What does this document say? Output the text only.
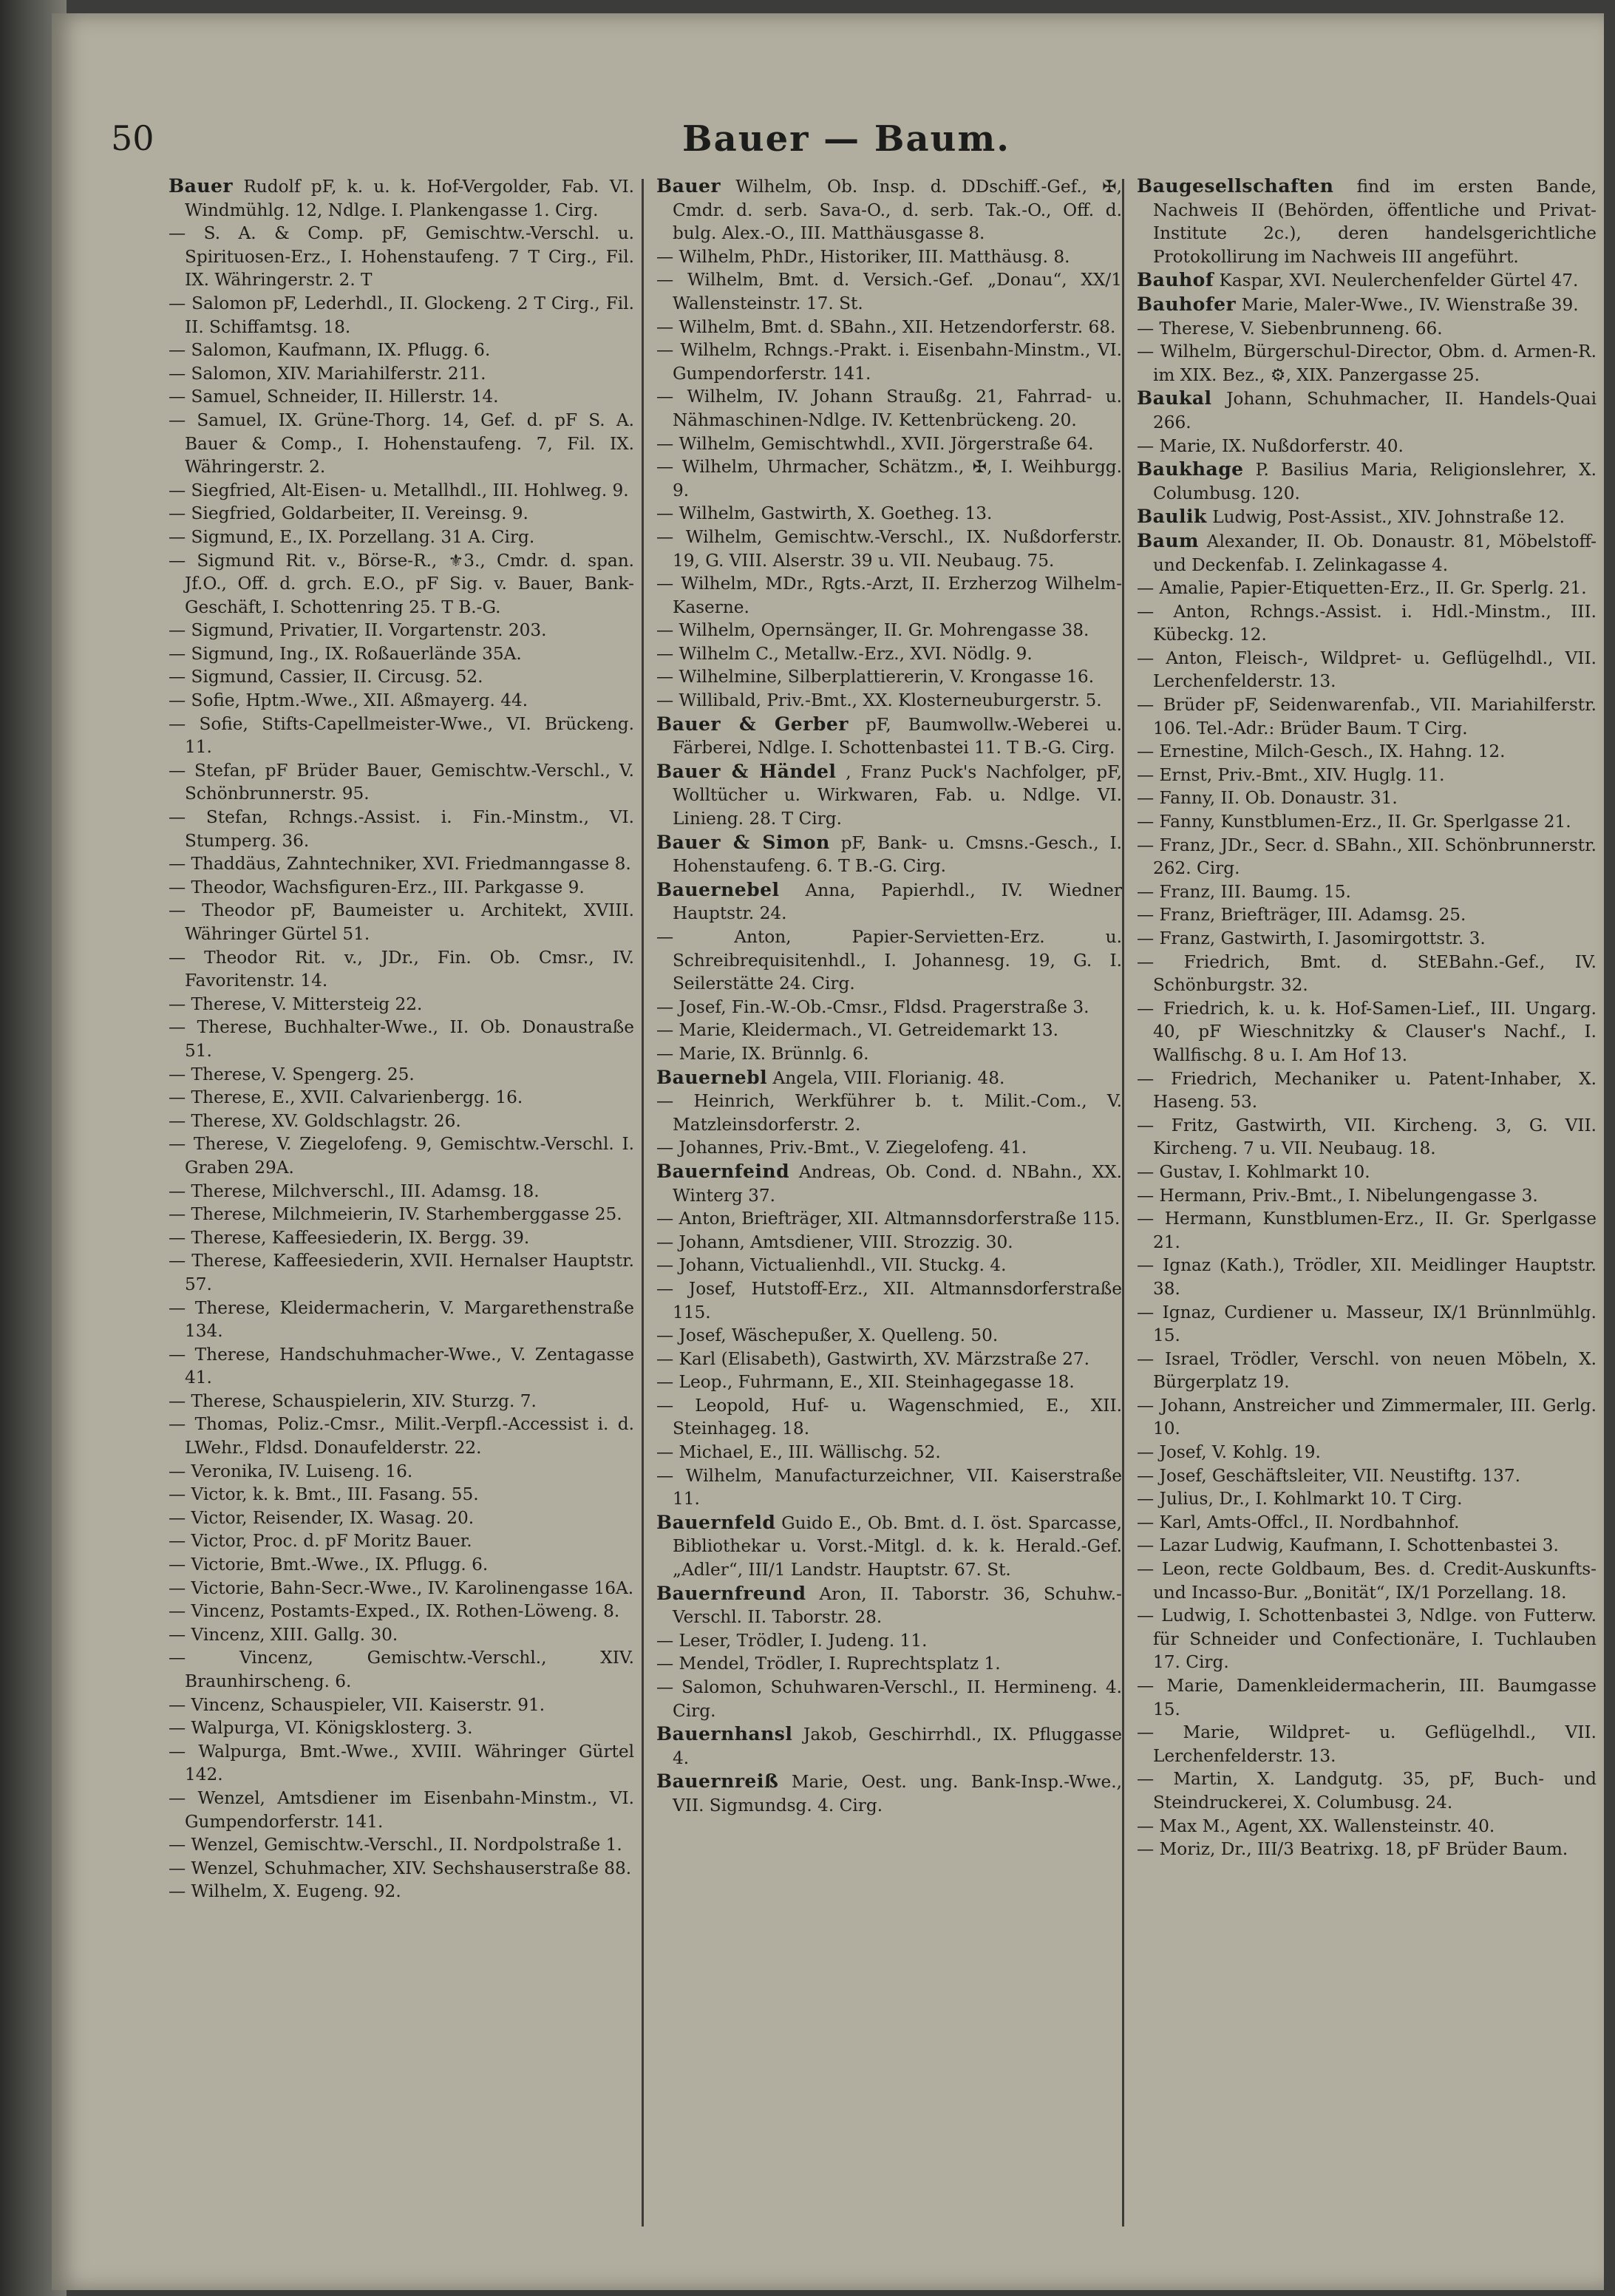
50	Bauer — Baum.

Bauer Rudolf pF, k. u. k. Hof-Vergolder, Fab. VI. Windmühlg. 12, Ndlge. I. Plankengasse 1. Cirg.

— S. A. & Comp. pF, Gemischtw.-Verschl. u. Spirituosen-Erz., I. Hohenstaufeng. 7 T Cirg., Fil. IX. Währingerstr. 2. T

— Salomon pF, Lederhdl., II. Glockeng. 2 T Cirg., Fil. II. Schiffamtsg. 18.

— Salomon, Kaufmann, IX. Pflugg. 6.

— Salomon, XIV. Mariahilferstr. 211.

— Samuel, Schneider, II. Hillerstr. 14.

— Samuel, IX. Grüne-Thorg. 14, Gef. d. pF S. A. Bauer & Comp., I. Hohenstaufeng. 7, Fil. IX. Währingerstr. 2.

— Siegfried, Alt-Eisen- u. Metallhdl., III. Hohlweg. 9.

— Siegfried, Goldarbeiter, II. Vereinsg. 9.

— Sigmund, E., IX. Porzellang. 31 A. Cirg.

— Sigmund Rit. v., Börse-R., ⚜3., Cmdr. d. span. Jf.O., Off. d. grch. E.O., pF Sig. v. Bauer, Bank-Geschäft, I. Schottenring 25. T B.-G.

— Sigmund, Privatier, II. Vorgartenstr. 203.

— Sigmund, Ing., IX. Roßauerlände 35A.

— Sigmund, Cassier, II. Circusg. 52.

— Sofie, Hptm.-Wwe., XII. Aßmayerg. 44.

— Sofie, Stifts-Capellmeister-Wwe., VI. Brückeng. 11.

— Stefan, pF Brüder Bauer, Gemischtw.-Verschl., V. Schönbrunnerstr. 95.

— Stefan, Rchngs.-Assist. i. Fin.-Minstm., VI. Stumperg. 36.

— Thaddäus, Zahntechniker, XVI. Friedmanngasse 8.

— Theodor, Wachsfiguren-Erz., III. Parkgasse 9.

— Theodor pF, Baumeister u. Architekt, XVIII. Währinger Gürtel 51.

— Theodor Rit. v., JDr., Fin. Ob. Cmsr., IV. Favoritenstr. 14.

— Therese, V. Mittersteig 22.

— Therese, Buchhalter-Wwe., II. Ob. Donaustraße 51.

— Therese, V. Spengerg. 25.

— Therese, E., XVII. Calvarienbergg. 16.

— Therese, XV. Goldschlagstr. 26.

— Therese, V. Ziegelofeng. 9, Gemischtw.-Verschl. I. Graben 29A.

— Therese, Milchverschl., III. Adamsg. 18.

— Therese, Milchmeierin, IV. Starhemberggasse 25.

— Therese, Kaffeesiederin, IX. Bergg. 39.

— Therese, Kaffeesiederin, XVII. Hernalser Hauptstr. 57.

— Therese, Kleidermacherin, V. Margarethenstraße 134.

— Therese, Handschuhmacher-Wwe., V. Zentagasse 41.

— Therese, Schauspielerin, XIV. Sturzg. 7.

— Thomas, Poliz.-Cmsr., Milit.-Verpfl.-Accessist i. d. LWehr., Fldsd. Donaufelderstr. 22.

— Veronika, IV. Luiseng. 16.

— Victor, k. k. Bmt., III. Fasang. 55.

— Victor, Reisender, IX. Wasag. 20.

— Victor, Proc. d. pF Moritz Bauer.

— Victorie, Bmt.-Wwe., IX. Pflugg. 6.

— Victorie, Bahn-Secr.-Wwe., IV. Karolinengasse 16A.

— Vincenz, Postamts-Exped., IX. Rothen-Löweng. 8.

— Vincenz, XIII. Gallg. 30.

— Vincenz, Gemischtw.-Verschl., XIV. Braunhirscheng. 6.

— Vincenz, Schauspieler, VII. Kaiserstr. 91.

— Walpurga, VI. Königsklosterg. 3.

— Walpurga, Bmt.-Wwe., XVIII. Währinger Gürtel 142.

— Wenzel, Amtsdiener im Eisenbahn-Minstm., VI. Gumpendorferstr. 141.

— Wenzel, Gemischtw.-Verschl., II. Nordpolstraße 1.

— Wenzel, Schuhmacher, XIV. Sechshauserstraße 88.

— Wilhelm, X. Eugeng. 92.

Bauer Wilhelm, Ob. Insp. d. DDschiff.-Gef., ✠, Cmdr. d. serb. Sava-O., d. serb. Tak.-O., Off. d. bulg. Alex.-O., III. Matthäusgasse 8.

— Wilhelm, PhDr., Historiker, III. Matthäusg. 8.

— Wilhelm, Bmt. d. Versich.-Gef. „Donau“, XX/1 Wallensteinstr. 17. St.

— Wilhelm, Bmt. d. SBahn., XII. Hetzendorferstr. 68.

— Wilhelm, Rchngs.-Prakt. i. Eisenbahn-Minstm., VI. Gumpendorferstr. 141.

— Wilhelm, IV. Johann Straußg. 21, Fahrrad- u. Nähmaschinen-Ndlge. IV. Kettenbrückeng. 20.

— Wilhelm, Gemischtwhdl., XVII. Jörgerstraße 64.

— Wilhelm, Uhrmacher, Schätzm., ✠, I. Weihburgg. 9.

— Wilhelm, Gastwirth, X. Goetheg. 13.

— Wilhelm, Gemischtw.-Verschl., IX. Nußdorferstr. 19, G. VIII. Alserstr. 39 u. VII. Neubaug. 75.

— Wilhelm, MDr., Rgts.-Arzt, II. Erzherzog Wilhelm-Kaserne.

— Wilhelm, Opernsänger, II. Gr. Mohrengasse 38.

— Wilhelm C., Metallw.-Erz., XVI. Nödlg. 9.

— Wilhelmine, Silberplattiererin, V. Krongasse 16.

— Willibald, Priv.-Bmt., XX. Klosterneuburgerstr. 5.

Bauer & Gerber pF, Baumwollw.-Weberei u. Färberei, Ndlge. I. Schottenbastei 11. T B.-G. Cirg.

Bauer & Händel , Franz Puck's Nachfolger, pF, Wolltücher u. Wirkwaren, Fab. u. Ndlge. VI. Linieng. 28. T Cirg.

Bauer & Simon pF, Bank- u. Cmsns.-Gesch., I. Hohenstaufeng. 6. T B.-G. Cirg.

Bauernebel Anna, Papierhdl., IV. Wiedner Hauptstr. 24.

— Anton, Papier-Servietten-Erz. u. Schreibrequisitenhdl., I. Johannesg. 19, G. I. Seilerstätte 24. Cirg.

— Josef, Fin.-W.-Ob.-Cmsr., Fldsd. Pragerstraße 3.

— Marie, Kleidermach., VI. Getreidemarkt 13.

— Marie, IX. Brünnlg. 6.

Bauernebl Angela, VIII. Florianig. 48.

— Heinrich, Werkführer b. t. Milit.-Com., V. Matzleinsdorferstr. 2.

— Johannes, Priv.-Bmt., V. Ziegelofeng. 41.

Bauernfeind Andreas, Ob. Cond. d. NBahn., XX. Winterg 37.

— Anton, Briefträger, XII. Altmannsdorferstraße 115.

— Johann, Amtsdiener, VIII. Strozzig. 30.

— Johann, Victualienhdl., VII. Stuckg. 4.

— Josef, Hutstoff-Erz., XII. Altmannsdorferstraße 115.

— Josef, Wäschepußer, X. Quelleng. 50.

— Karl (Elisabeth), Gastwirth, XV. Märzstraße 27.

— Leop., Fuhrmann, E., XII. Steinhagegasse 18.

— Leopold, Huf- u. Wagenschmied, E., XII. Steinhageg. 18.

— Michael, E., III. Wällischg. 52.

— Wilhelm, Manufacturzeichner, VII. Kaiserstraße 11.

Bauernfeld Guido E., Ob. Bmt. d. I. öst. Sparcasse, Bibliothekar u. Vorst.-Mitgl. d. k. k. Herald.-Gef. „Adler“, III/1 Landstr. Hauptstr. 67. St.

Bauernfreund Aron, II. Taborstr. 36, Schuhw.-Verschl. II. Taborstr. 28.

— Leser, Trödler, I. Judeng. 11.

— Mendel, Trödler, I. Ruprechtsplatz 1.

— Salomon, Schuhwaren-Verschl., II. Hermineng. 4. Cirg.

Bauernhansl Jakob, Geschirrhdl., IX. Pfluggasse 4.

Bauernreiß Marie, Oest. ung. Bank-Insp.-Wwe., VII. Sigmundsg. 4. Cirg.

Baugesellschaften find im ersten Bande, Nachweis II (Behörden, öffentliche und Privat-Institute 2c.), deren handelsgerichtliche Protokollirung im Nachweis III angeführt.

Bauhof Kaspar, XVI. Neulerchenfelder Gürtel 47.

Bauhofer Marie, Maler-Wwe., IV. Wienstraße 39.

— Therese, V. Siebenbrunneng. 66.

— Wilhelm, Bürgerschul-Director, Obm. d. Armen-R. im XIX. Bez., ⚙, XIX. Panzergasse 25.

Baukal Johann, Schuhmacher, II. Handels-Quai 266.

— Marie, IX. Nußdorferstr. 40.

Baukhage P. Basilius Maria, Religionslehrer, X. Columbusg. 120.

Baulik Ludwig, Post-Assist., XIV. Johnstraße 12.

Baum Alexander, II. Ob. Donaustr. 81, Möbelstoff- und Deckenfab. I. Zelinkagasse 4.

— Amalie, Papier-Etiquetten-Erz., II. Gr. Sperlg. 21.

— Anton, Rchngs.-Assist. i. Hdl.-Minstm., III. Kübeckg. 12.

— Anton, Fleisch-, Wildpret- u. Geflügelhdl., VII. Lerchenfelderstr. 13.

— Brüder pF, Seidenwarenfab., VII. Mariahilferstr. 106. Tel.-Adr.: Brüder Baum. T Cirg.

— Ernestine, Milch-Gesch., IX. Hahng. 12.

— Ernst, Priv.-Bmt., XIV. Huglg. 11.

— Fanny, II. Ob. Donaustr. 31.

— Fanny, Kunstblumen-Erz., II. Gr. Sperlgasse 21.

— Franz, JDr., Secr. d. SBahn., XII. Schönbrunnerstr. 262. Cirg.

— Franz, III. Baumg. 15.

— Franz, Briefträger, III. Adamsg. 25.

— Franz, Gastwirth, I. Jasomirgottstr. 3.

— Friedrich, Bmt. d. StEBahn.-Gef., IV. Schönburgstr. 32.

— Friedrich, k. u. k. Hof-Samen-Lief., III. Ungarg. 40, pF Wieschnitzky & Clauser's Nachf., I. Wallfischg. 8 u. I. Am Hof 13.

— Friedrich, Mechaniker u. Patent-Inhaber, X. Haseng. 53.

— Fritz, Gastwirth, VII. Kircheng. 3, G. VII. Kircheng. 7 u. VII. Neubaug. 18.

— Gustav, I. Kohlmarkt 10.

— Hermann, Priv.-Bmt., I. Nibelungengasse 3.

— Hermann, Kunstblumen-Erz., II. Gr. Sperlgasse 21.

— Ignaz (Kath.), Trödler, XII. Meidlinger Hauptstr. 38.

— Ignaz, Curdiener u. Masseur, IX/1 Brünnlmühlg. 15.

— Israel, Trödler, Verschl. von neuen Möbeln, X. Bürgerplatz 19.

— Johann, Anstreicher und Zimmermaler, III. Gerlg. 10.

— Josef, V. Kohlg. 19.

— Josef, Geschäftsleiter, VII. Neustiftg. 137.

— Julius, Dr., I. Kohlmarkt 10. T Cirg.

— Karl, Amts-Offcl., II. Nordbahnhof.

— Lazar Ludwig, Kaufmann, I. Schottenbastei 3.

— Leon, recte Goldbaum, Bes. d. Credit-Auskunfts- und Incasso-Bur. „Bonität“, IX/1 Porzellang. 18.

— Ludwig, I. Schottenbastei 3, Ndlge. von Futterw. für Schneider und Confectionäre, I. Tuchlauben 17. Cirg.

— Marie, Damenkleidermacherin, III. Baumgasse 15.

— Marie, Wildpret- u. Geflügelhdl., VII. Lerchenfelderstr. 13.

— Martin, X. Landgutg. 35, pF, Buch- und Steindruckerei, X. Columbusg. 24.

— Max M., Agent, XX. Wallensteinstr. 40.

— Moriz, Dr., III/3 Beatrixg. 18, pF Brüder Baum.
